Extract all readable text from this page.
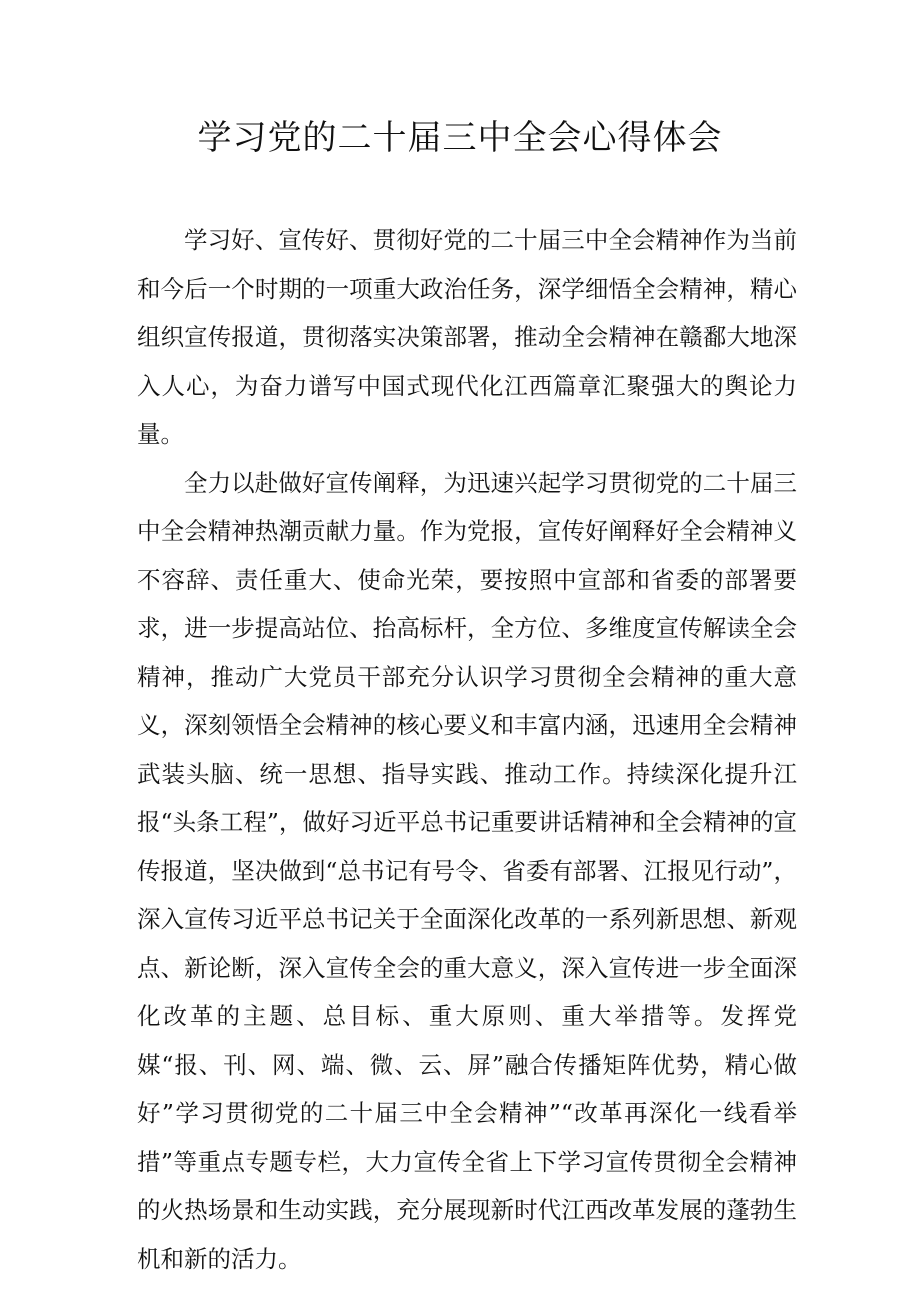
学习党的二十届三中全会心得体会

学习好、宣传好、贯彻好党的二十届三中全会精神作为当前和今后一个时期的一项重大政治任务，深学细悟全会精神，精心组织宣传报道，贯彻落实决策部署，推动全会精神在赣鄱大地深入人心，为奋力谱写中国式现代化江西篇章汇聚强大的舆论力量。

全力以赴做好宣传阐释，为迅速兴起学习贯彻党的二十届三中全会精神热潮贡献力量。作为党报，宣传好阐释好全会精神义不容辞、责任重大、使命光荣，要按照中宣部和省委的部署要求，进一步提高站位、抬高标杆，全方位、多维度宣传解读全会精神，推动广大党员干部充分认识学习贯彻全会精神的重大意义，深刻领悟全会精神的核心要义和丰富内涵，迅速用全会精神武装头脑、统一思想、指导实践、推动工作。持续深化提升江报“头条工程”，做好习近平总书记重要讲话精神和全会精神的宣传报道，坚决做到“总书记有号令、省委有部署、江报见行动”，深入宣传习近平总书记关于全面深化改革的一系列新思想、新观点、新论断，深入宣传全会的重大意义，深入宣传进一步全面深化改革的主题、总目标、重大原则、重大举措等。发挥党媒“报、刊、网、端、微、云、屏”融合传播矩阵优势，精心做好”学习贯彻党的二十届三中全会精神”“改革再深化一线看举措”等重点专题专栏，大力宣传全省上下学习宣传贯彻全会精神的火热场景和生动实践，充分展现新时代江西改革发展的蓬勃生机和新的活力。
